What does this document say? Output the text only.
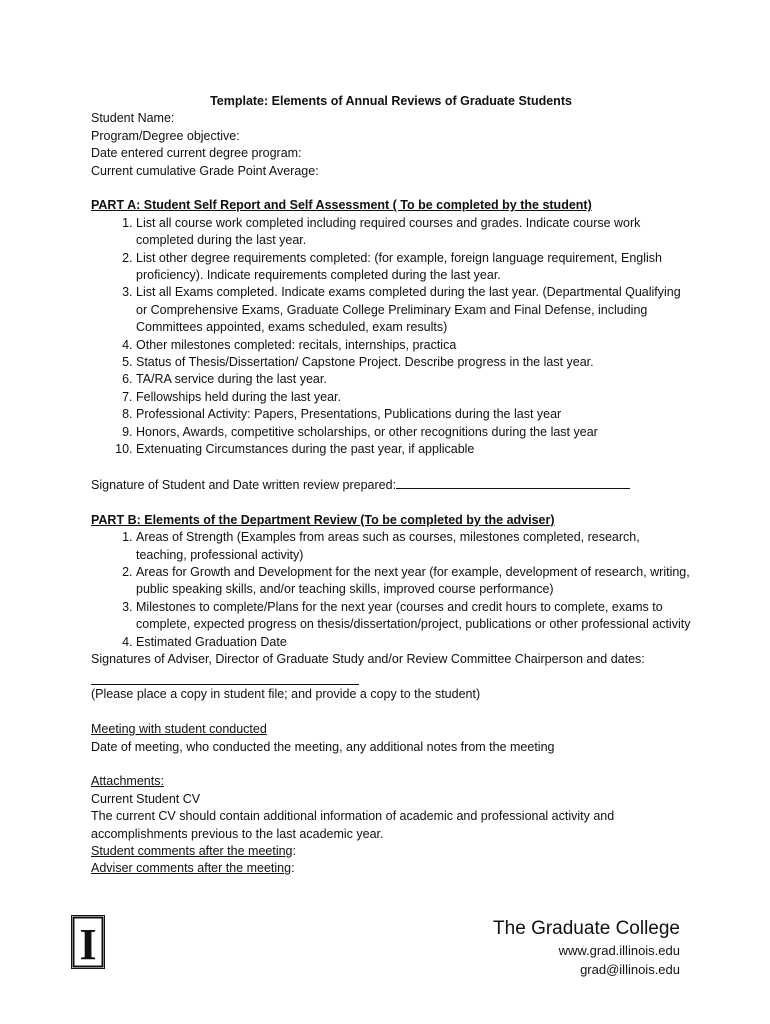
Template: Elements of Annual Reviews of Graduate Students

Student Name:

Program/Degree objective:

Date entered current degree program:

Current cumulative Grade Point Average:

PART A: Student Self Report and Self Assessment ( To be completed by the student)

1. List all course work completed including required courses and grades. Indicate course work completed during the last year.
2. List other degree requirements completed: (for example, foreign language requirement, English proficiency). Indicate requirements completed during the last year.
3. List all Exams completed. Indicate exams completed during the last year. (Departmental Qualifying or Comprehensive Exams, Graduate College Preliminary Exam and Final Defense, including Committees appointed, exams scheduled, exam results)
4. Other milestones completed: recitals, internships, practica
5. Status of Thesis/Dissertation/ Capstone Project. Describe progress in the last year.
6. TA/RA service during the last year.
7. Fellowships held during the last year.
8. Professional Activity: Papers, Presentations, Publications during the last year
9. Honors, Awards, competitive scholarships, or other recognitions during the last year
10. Extenuating Circumstances during the past year, if applicable

Signature of Student and Date written review prepared:

PART B: Elements of the Department Review (To be completed by the adviser)

1. Areas of Strength (Examples from areas such as courses, milestones completed, research, teaching, professional activity)
2. Areas for Growth and Development for the next year (for example, development of research, writing, public speaking skills, and/or teaching skills, improved course performance)
3. Milestones to complete/Plans for the next year (courses and credit hours to complete, exams to complete, expected progress on thesis/dissertation/project, publications or other professional activity
4. Estimated Graduation Date

Signatures of Adviser, Director of Graduate Study and/or Review Committee Chairperson and dates:

(Please place a copy in student file; and provide a copy to the student)

Meeting with student conducted

Date of meeting, who conducted the meeting, any additional notes from the meeting

Attachments:

Current Student CV

The current CV should contain additional information of academic and professional activity and

accomplishments previous to the last academic year.

Student comments after the meeting:

Adviser comments after the meeting:

I	The Graduate College
www.grad.illinois.edu
grad@illinois.edu
